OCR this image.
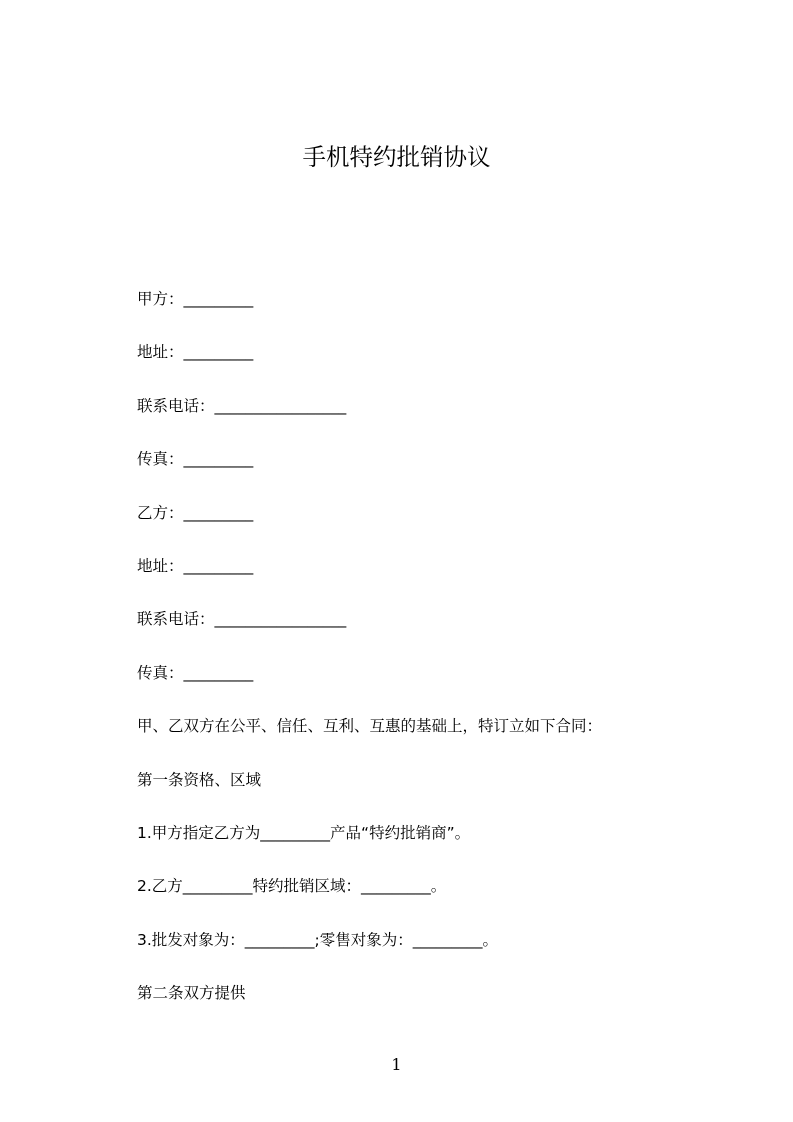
手机特约批销协议

甲方：_________

地址：_________

联系电话：_________________

传真：_________

乙方：_________

地址：_________

联系电话：_________________

传真：_________

甲、乙双方在公平、信任、互利、互惠的基础上，特订立如下合同：

第一条资格、区域

1.甲方指定乙方为_________产品“特约批销商”。

2.乙方_________特约批销区域：_________。

3.批发对象为：_________;零售对象为：_________。

第二条双方提供

1
